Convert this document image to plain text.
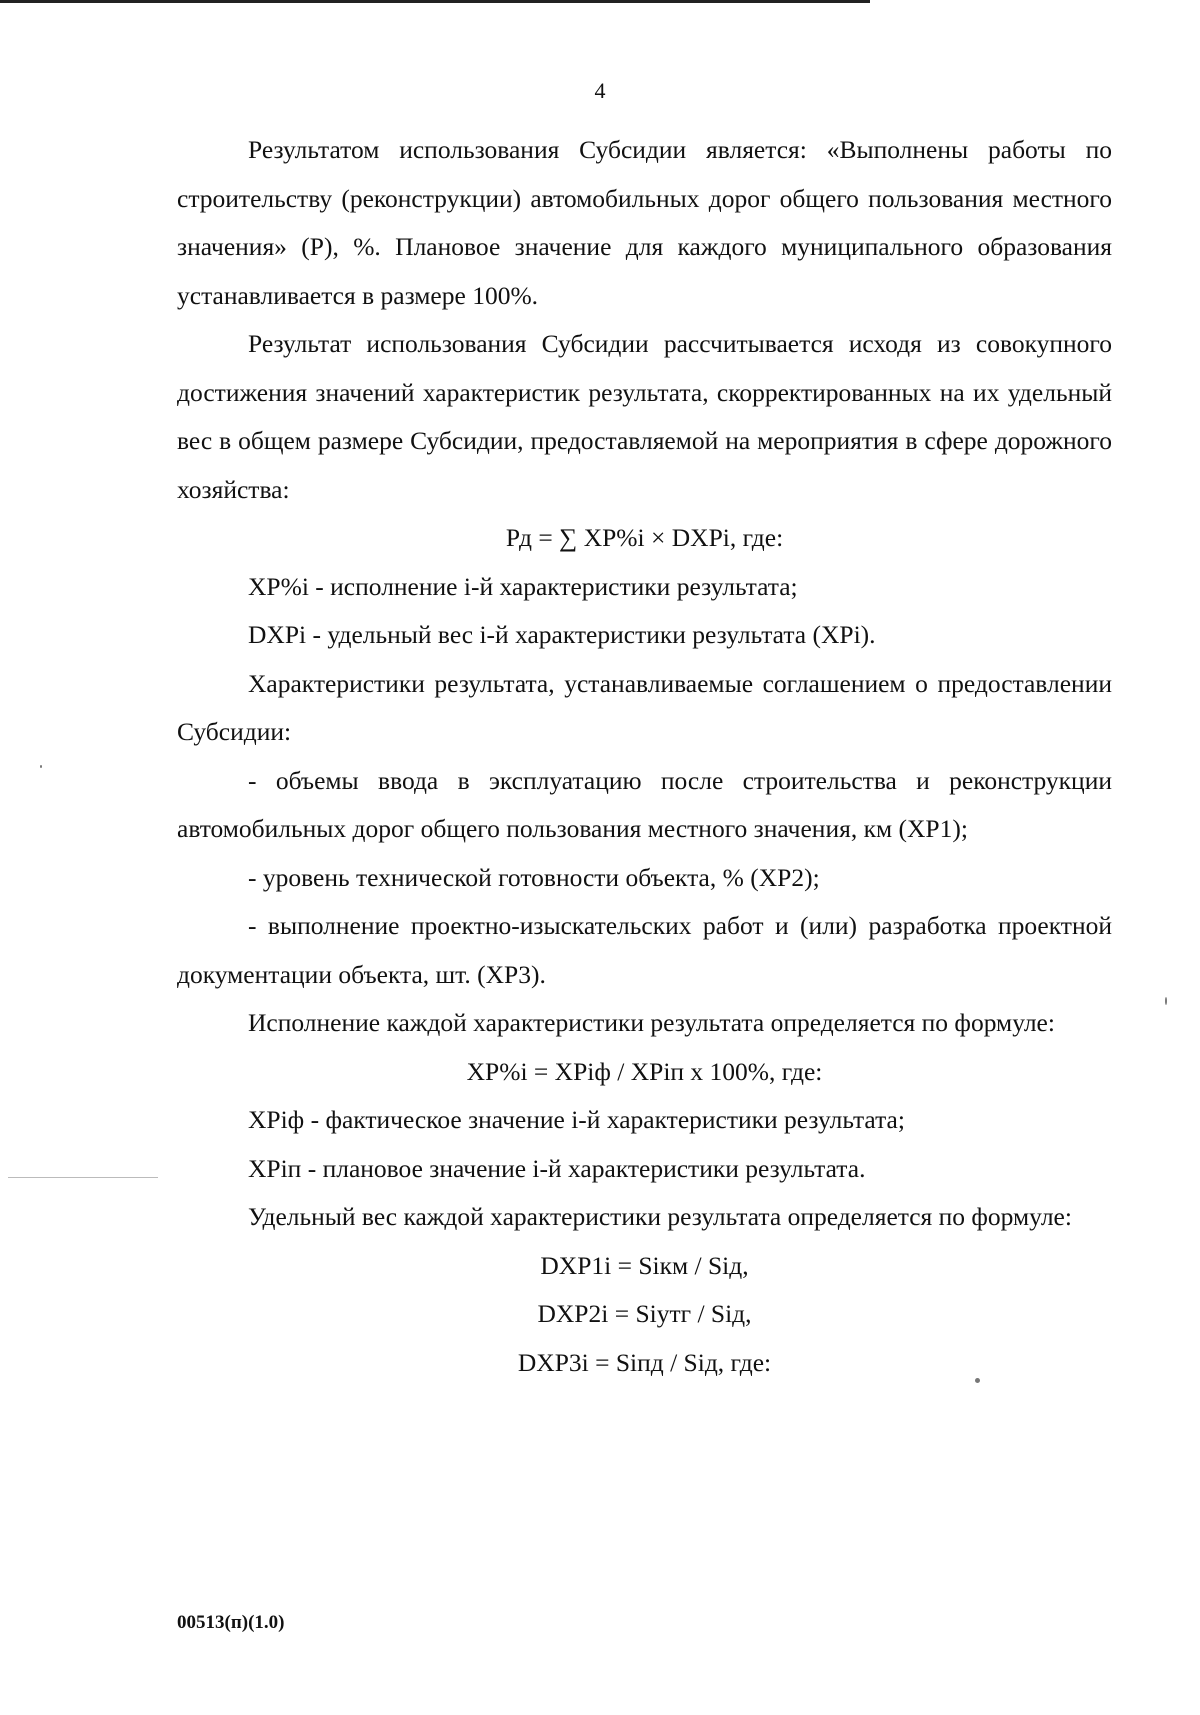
4

Результатом использования Субсидии является: «Выполнены работы по строительству (реконструкции) автомобильных дорог общего пользования местного значения» (Р), %. Плановое значение для каждого муниципального образования устанавливается в размере 100%.

Результат использования Субсидии рассчитывается исходя из совокупного достижения значений характеристик результата, скорректированных на их удельный вес в общем размере Субсидии, предоставляемой на мероприятия в сфере дорожного хозяйства:

Рд = ∑ ХР%i × DХРi, где:

ХР%i - исполнение i-й характеристики результата;

DХРi - удельный вес i-й характеристики результата (ХРi).

Характеристики результата, устанавливаемые соглашением о предоставлении Субсидии:

- объемы ввода в эксплуатацию после строительства и реконструкции автомобильных дорог общего пользования местного значения, км (ХР1);

- уровень технической готовности объекта, % (ХР2);

- выполнение проектно-изыскательских работ и (или) разработка проектной документации объекта, шт. (ХР3).

Исполнение каждой характеристики результата определяется по формуле:

ХР%i = ХРiф / ХРiп х 100%, где:

ХРiф - фактическое значение i-й характеристики результата;

ХРiп - плановое значение i-й характеристики результата.

Удельный вес каждой характеристики результата определяется по формуле:

DХР1i = Siкм / Siд,

DХР2i = Siутг / Siд,

DХР3i = Siпд / Siд, где:

00513(п)(1.0)
